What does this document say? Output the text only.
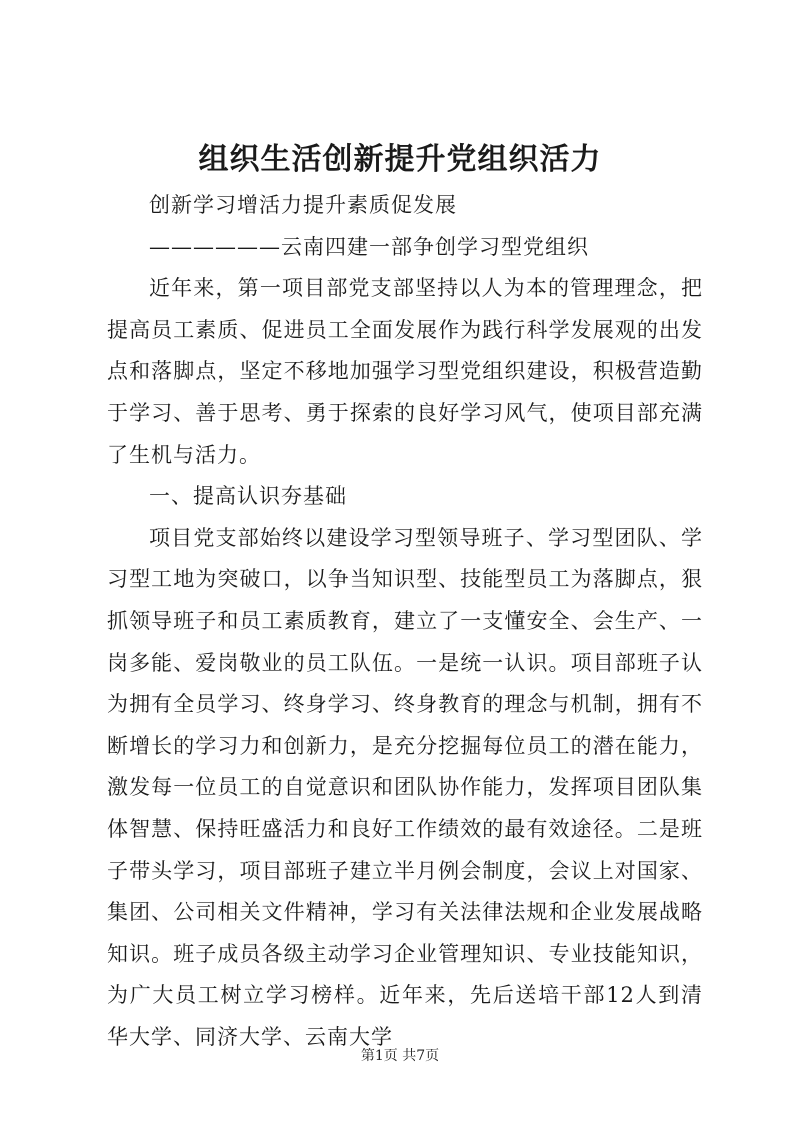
组织生活创新提升党组织活力

创新学习增活力提升素质促发展

——————云南四建一部争创学习型党组织

近年来，第一项目部党支部坚持以人为本的管理理念，把提高员工素质、促进员工全面发展作为践行科学发展观的出发点和落脚点，坚定不移地加强学习型党组织建设，积极营造勤于学习、善于思考、勇于探索的良好学习风气，使项目部充满了生机与活力。

一、提高认识夯基础

项目党支部始终以建设学习型领导班子、学习型团队、学习型工地为突破口，以争当知识型、技能型员工为落脚点，狠抓领导班子和员工素质教育，建立了一支懂安全、会生产、一岗多能、爱岗敬业的员工队伍。一是统一认识。项目部班子认为拥有全员学习、终身学习、终身教育的理念与机制，拥有不断增长的学习力和创新力，是充分挖掘每位员工的潜在能力，激发每一位员工的自觉意识和团队协作能力，发挥项目团队集体智慧、保持旺盛活力和良好工作绩效的最有效途径。二是班子带头学习，项目部班子建立半月例会制度，会议上对国家、集团、公司相关文件精神，学习有关法律法规和企业发展战略知识。班子成员各级主动学习企业管理知识、专业技能知识，为广大员工树立学习榜样。近年来，先后送培干部12人到清华大学、同济大学、云南大学

第1页 共7页
